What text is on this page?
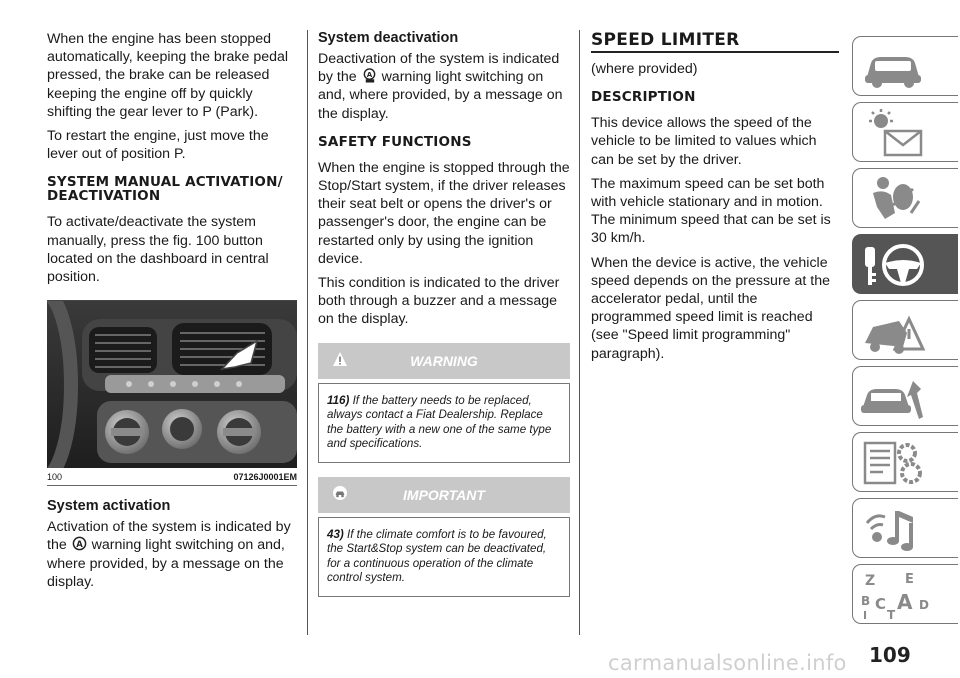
When the engine has been stopped automatically, keeping the brake pedal pressed, the brake can be released keeping the engine off by quickly shifting the gear lever to P (Park).

To restart the engine, just move the lever out of position P.

SYSTEM MANUAL ACTIVATION/ DEACTIVATION

To activate/deactivate the system manually, press the fig. 100 button located on the dashboard in central position.

100	07126J0001EM
System activation

Activation of the system is indicated by the A warning light switching on and, where provided, by a message on the display.

System deactivation

Deactivation of the system is indicated by the A warning light switching on and, where provided, by a message on the display.

SAFETY FUNCTIONS

When the engine is stopped through the Stop/Start system, if the driver releases their seat belt or opens the driver's or passenger's door, the engine can be restarted only by using the ignition device.

This condition is indicated to the driver both through a buzzer and a message on the display.

WARNING
116) If the battery needs to be replaced, always contact a Fiat Dealership. Replace the battery with a new one of the same type and specifications.
IMPORTANT
43) If the climate comfort is to be favoured, the Start&Stop system can be deactivated, for a continuous operation of the climate control system.
SPEED LIMITER

(where provided)

DESCRIPTION

This device allows the speed of the vehicle to be limited to values which can be set by the driver.

The maximum speed can be set both with vehicle stationary and in motion. The minimum speed that can be set is 30 km/h.

When the device is active, the vehicle speed depends on the pressure at the accelerator pedal, until the programmed speed limit is reached (see "Speed limit programming" paragraph).

Z E
B C A D
T
I
109
carmanualsonline.info
